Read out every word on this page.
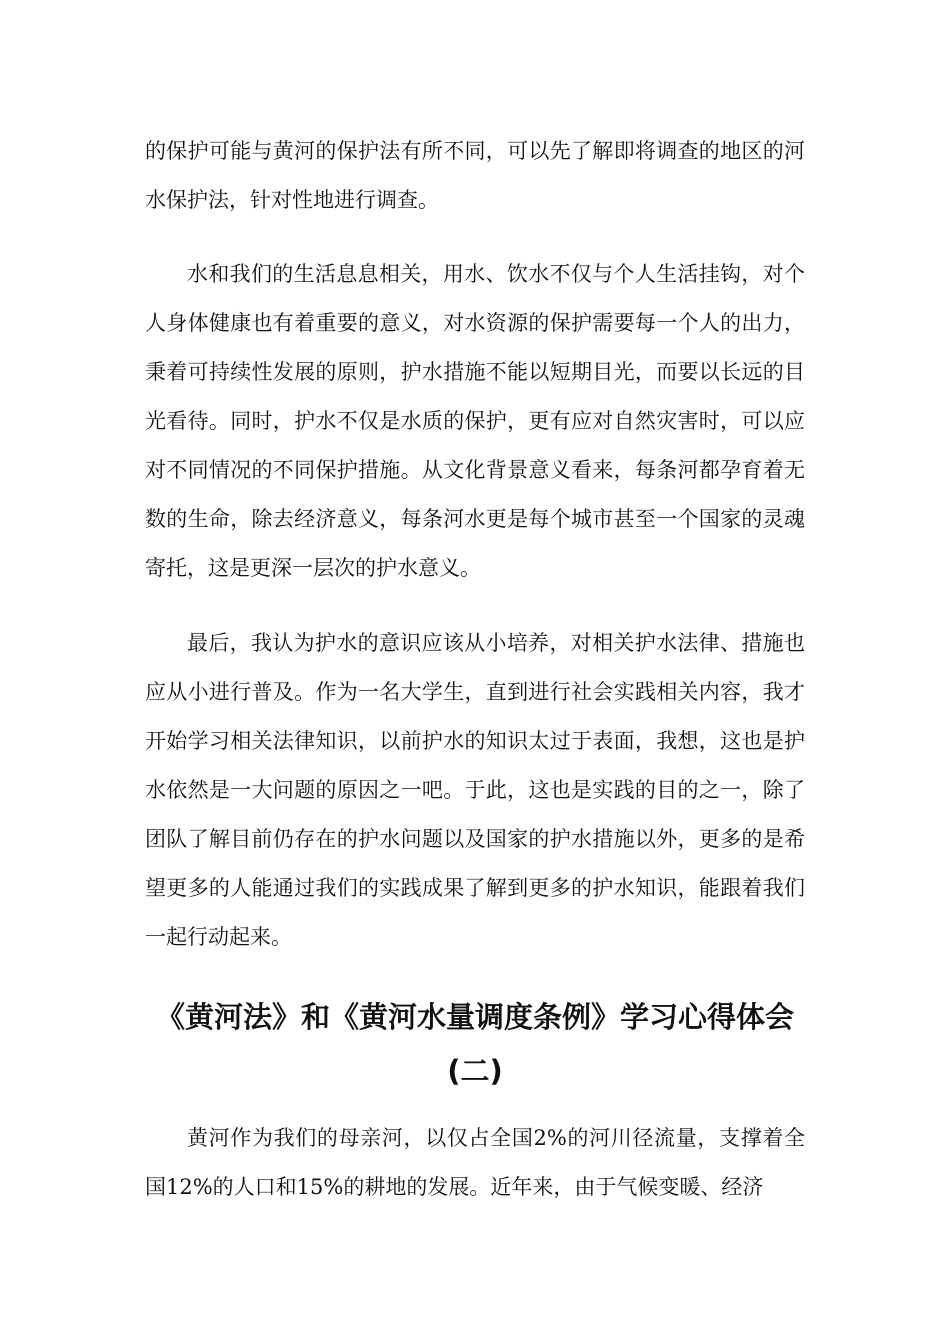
的保护可能与黄河的保护法有所不同，可以先了解即将调查的地区的河水保护法，针对性地进行调查。

水和我们的生活息息相关，用水、饮水不仅与个人生活挂钩，对个人身体健康也有着重要的意义，对水资源的保护需要每一个人的出力，秉着可持续性发展的原则，护水措施不能以短期目光，而要以长远的目光看待。同时，护水不仅是水质的保护，更有应对自然灾害时，可以应对不同情况的不同保护措施。从文化背景意义看来，每条河都孕育着无数的生命，除去经济意义，每条河水更是每个城市甚至一个国家的灵魂寄托，这是更深一层次的护水意义。

最后，我认为护水的意识应该从小培养，对相关护水法律、措施也应从小进行普及。作为一名大学生，直到进行社会实践相关内容，我才开始学习相关法律知识，以前护水的知识太过于表面，我想，这也是护水依然是一大问题的原因之一吧。于此，这也是实践的目的之一，除了团队了解目前仍存在的护水问题以及国家的护水措施以外，更多的是希望更多的人能通过我们的实践成果了解到更多的护水知识，能跟着我们一起行动起来。

《黄河法》和《黄河水量调度条例》学习心得体会
(二)

黄河作为我们的母亲河，以仅占全国2%的河川径流量，支撑着全国12%的人口和15%的耕地的发展。近年来，由于气候变暖、经济
